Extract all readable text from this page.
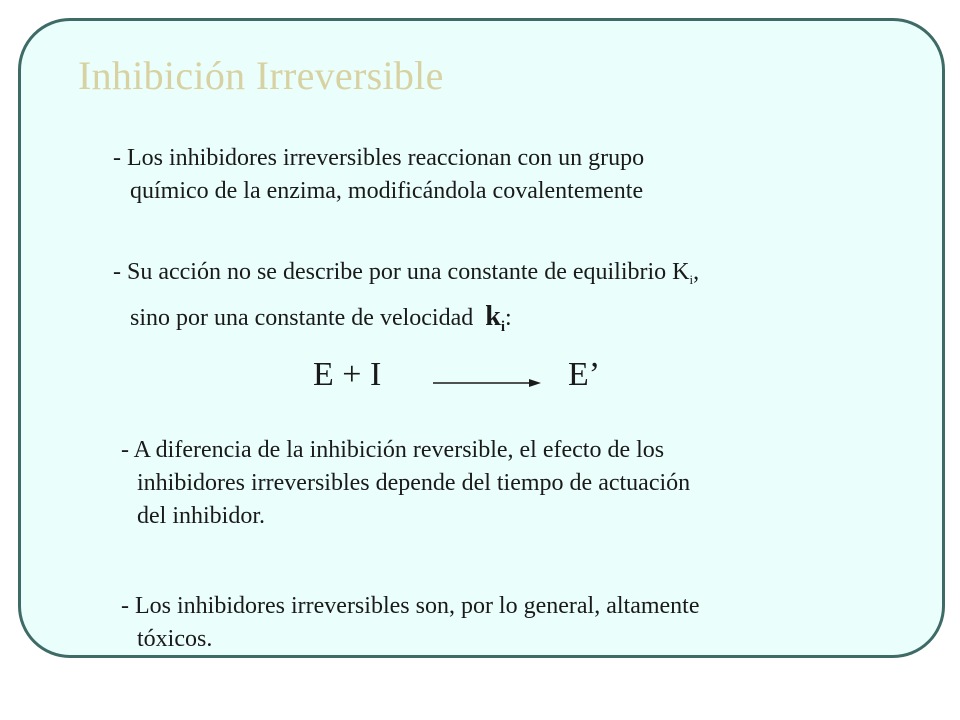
Inhibición Irreversible
- Los inhibidores irreversibles reaccionan con un grupo
químico de la enzima, modificándola covalentemente
- Su acción no se describe por una constante de equilibrio $K_i$,
sino por una constante de velocidad $k_i$:
E + I	E’
- A diferencia de la inhibición reversible, el efecto de los
inhibidores irreversibles depende del tiempo de actuación
del inhibidor.
- Los inhibidores irreversibles son, por lo general, altamente
tóxicos.
